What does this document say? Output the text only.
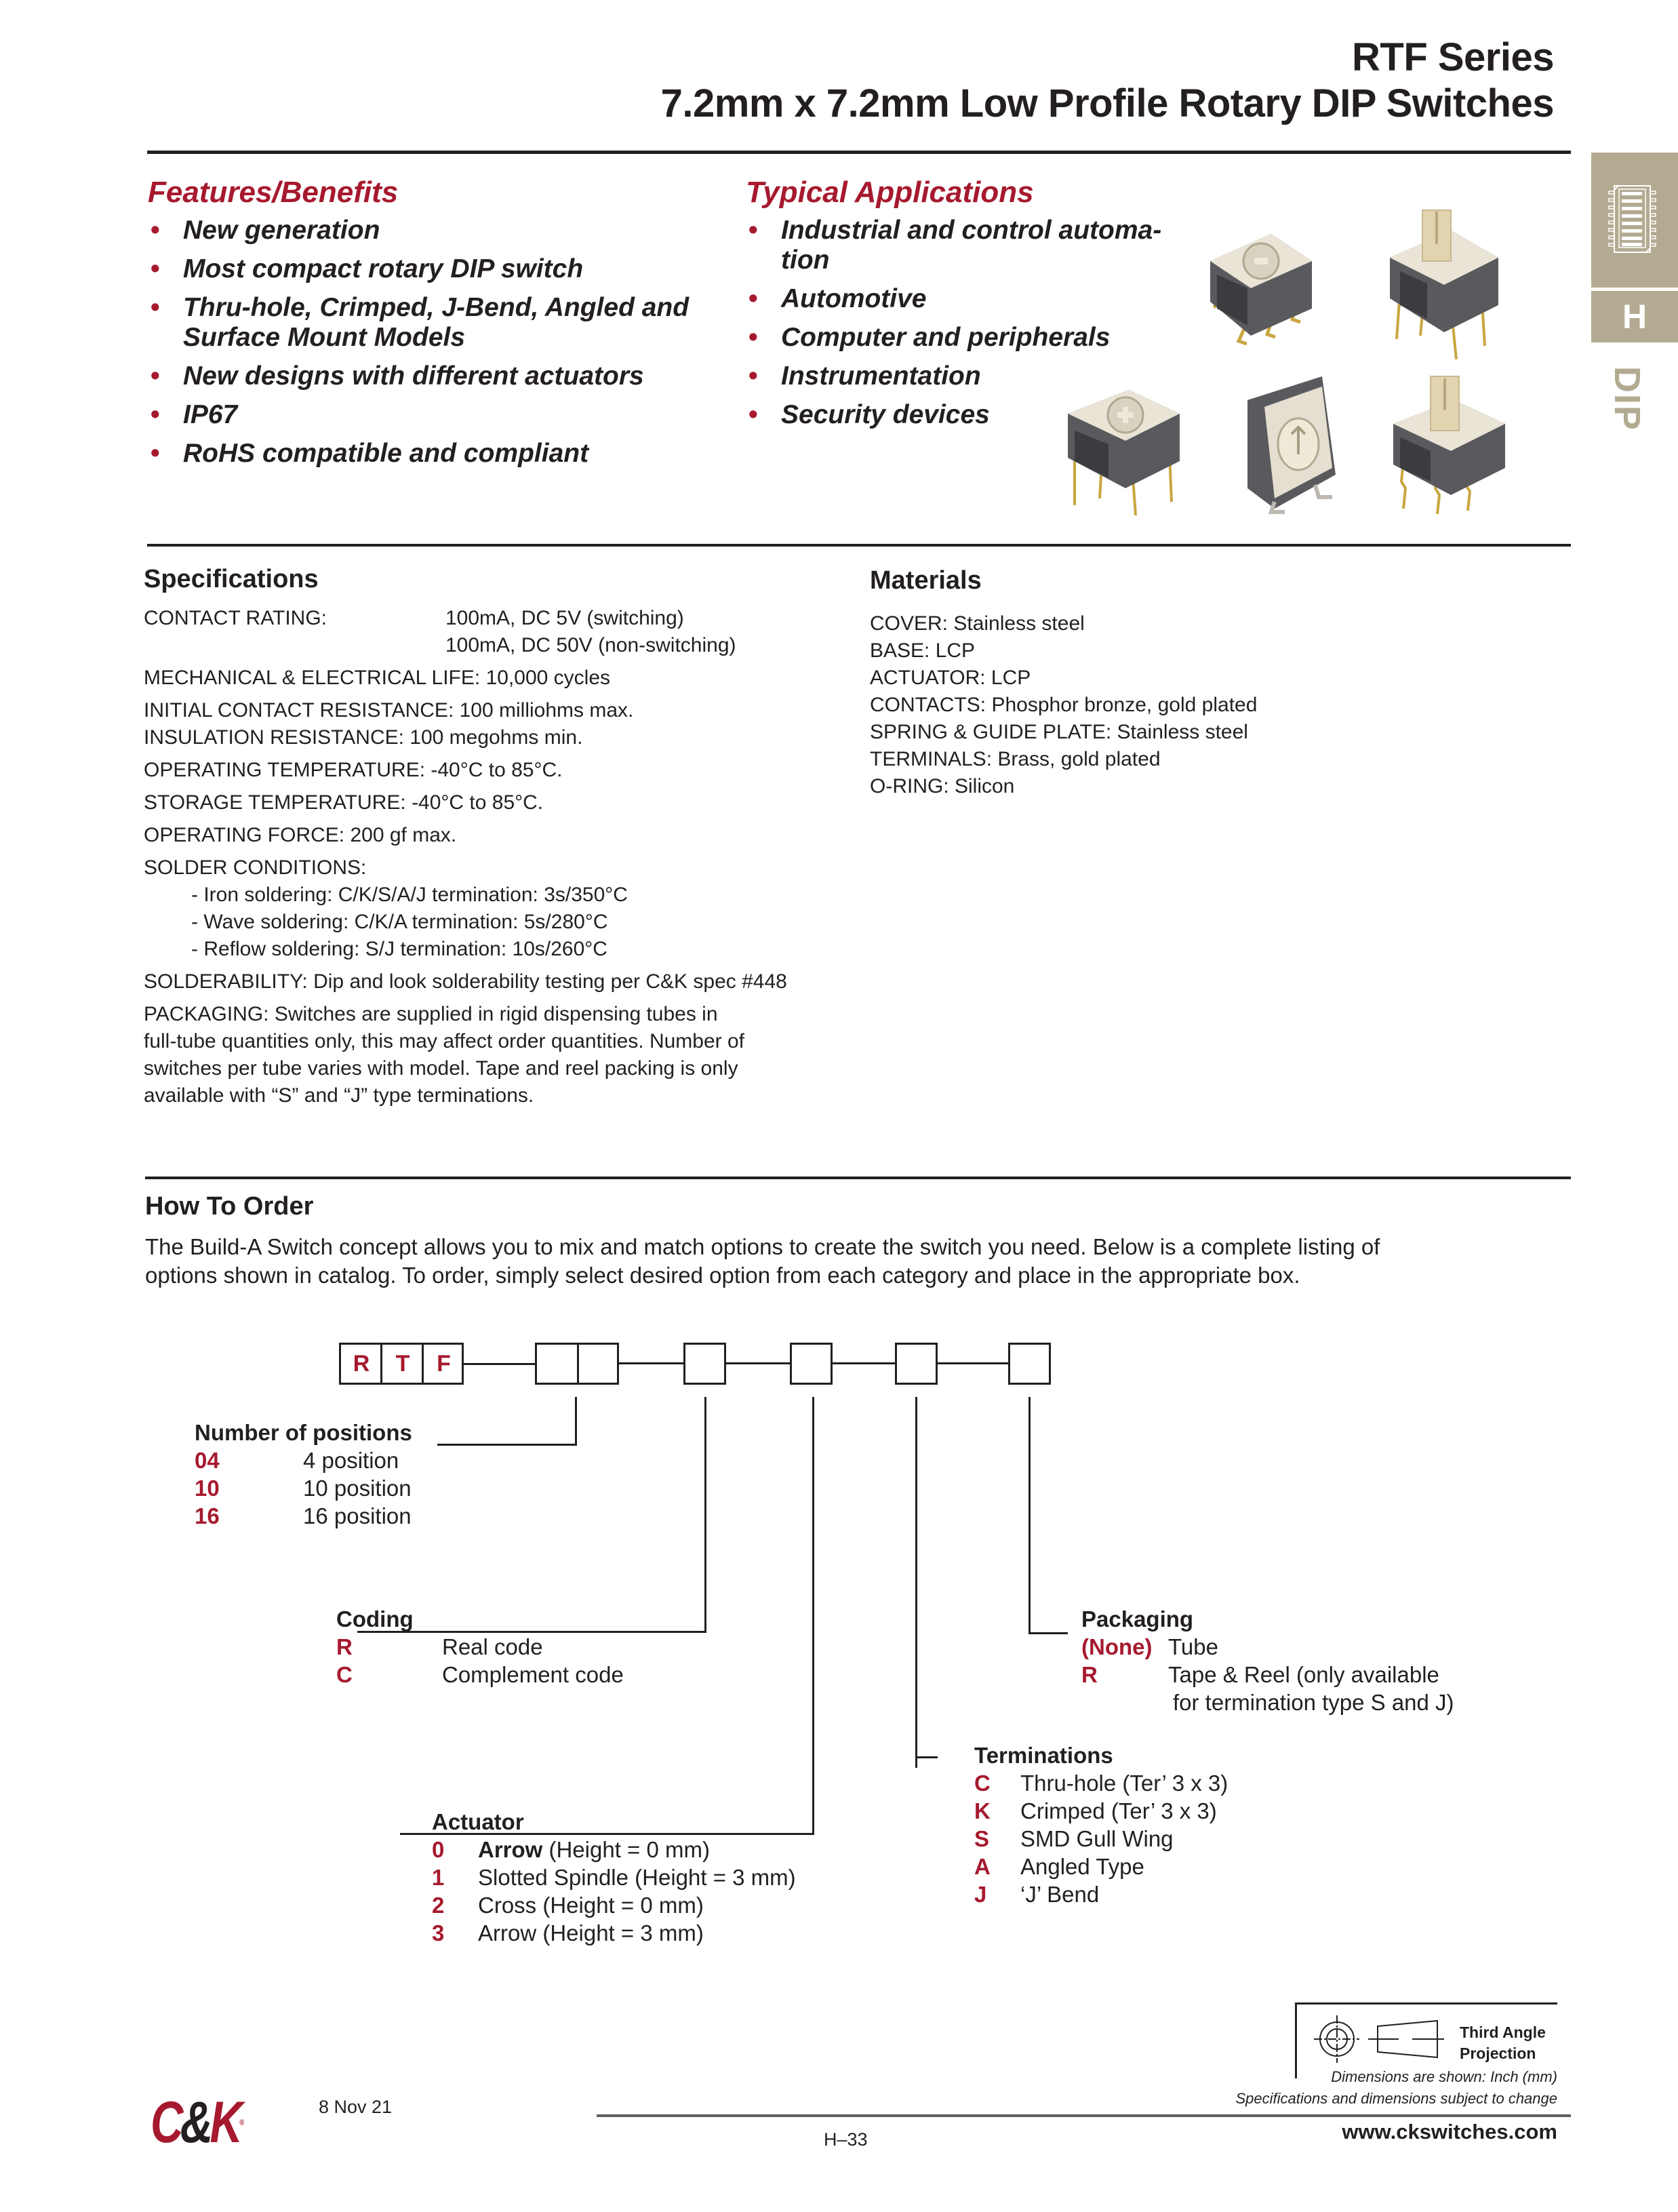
RTF Series
7.2mm x 7.2mm Low Profile Rotary DIP Switches
H
DIP
Features/Benefits
• New generation
• Most compact rotary DIP switch
• Thru-hole, Crimped, J-Bend, Angled and Surface Mount Models
• New designs with different actuators
• IP67
• RoHS compatible and compliant
Typical Applications
• Industrial and control automa-tion
• Automotive
• Computer and peripherals
• Instrumentation
• Security devices
Specifications
CONTACT RATING:	100mA, DC 5V (switching)
100mA, DC 50V (non-switching)
MECHANICAL & ELECTRICAL LIFE: 10,000 cycles
INITIAL CONTACT RESISTANCE: 100 milliohms max.
INSULATION RESISTANCE: 100 megohms min.
OPERATING TEMPERATURE: -40°C to 85°C.
STORAGE TEMPERATURE: -40°C to 85°C.
OPERATING FORCE: 200 gf max.
SOLDER CONDITIONS:
- Iron soldering: C/K/S/A/J termination: 3s/350°C
- Wave soldering: C/K/A termination: 5s/280°C
- Reflow soldering: S/J termination: 10s/260°C
SOLDERABILITY: Dip and look solderability testing per C&K spec #448
PACKAGING: Switches are supplied in rigid dispensing tubes in
full-tube quantities only, this may affect order quantities. Number of
switches per tube varies with model. Tape and reel packing is only
available with “S” and “J” type terminations.
Materials
COVER: Stainless steel
BASE: LCP
ACTUATOR: LCP
CONTACTS: Phosphor bronze, gold plated
SPRING & GUIDE PLATE: Stainless steel
TERMINALS: Brass, gold plated
O-RING: Silicon
How To Order
The Build-A Switch concept allows you to mix and match options to create the switch you need. Below is a complete listing of
options shown in catalog. To order, simply select desired option from each category and place in the appropriate box.
R	T	F
Number of positions
04	4 position
10	10 position
16	16 position
Coding
R	Real code
C	Complement code
Actuator
0 Arrow (Height = 0 mm)
1 Slotted Spindle (Height = 3 mm)
2 Cross (Height = 0 mm)
3 Arrow (Height = 3 mm)
Terminations
C Thru-hole (Ter’ 3 x 3)
K Crimped (Ter’ 3 x 3)
S SMD Gull Wing
A Angled Type
J ‘J’ Bend
Packaging
(None) Tube
R	Tape & Reel (only available
for termination type S and J)
Third Angle
Projection
Dimensions are shown: Inch (mm)
Specifications and dimensions subject to change
www.ckswitches.com
C&K®
8 Nov 21
H–33
